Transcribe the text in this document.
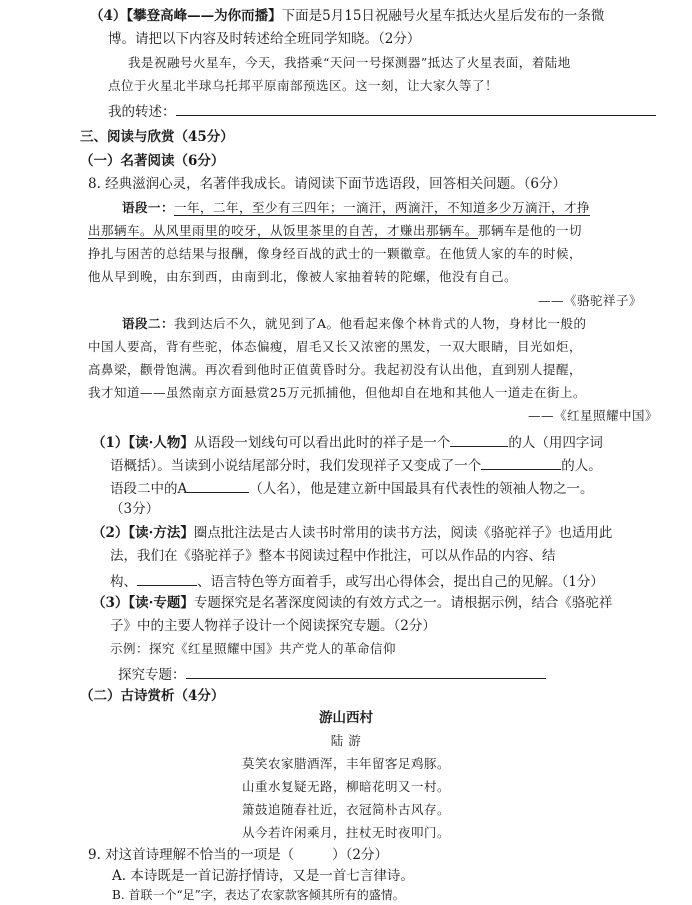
（4）【攀登高峰——为你而播】下面是5月15日祝融号火星车抵达火星后发布的一条微
博。请把以下内容及时转述给全班同学知晓。（2分）
我是祝融号火星车，今天，我搭乘“天问一号探测器”抵达了火星表面，着陆地
点位于火星北半球乌托邦平原南部预选区。这一刻，让大家久等了！
我的转述：
三、阅读与欣赏（45分）
（一）名著阅读（6分）
8. 经典滋润心灵，名著伴我成长。请阅读下面节选语段，回答相关问题。（6分）
语段一：一年，二年，至少有三四年；一滴汗，两滴汗，不知道多少万滴汗，才挣
出那辆车。从风里雨里的咬牙，从饭里茶里的自苦，才赚出那辆车。那辆车是他的一切
挣扎与困苦的总结果与报酬，像身经百战的武士的一颗徽章。在他赁人家的车的时候，
他从早到晚，由东到西，由南到北，像被人家抽着转的陀螺，他没有自己。
——《骆驼祥子》
语段二：我到达后不久，就见到了A。他看起来像个林肯式的人物，身材比一般的
中国人要高，背有些驼，体态偏瘦，眉毛又长又浓密的黑发，一双大眼睛，目光如炬，
高鼻梁，颧骨饱满。再次看到他时正值黄昏时分。我起初没有认出他，直到别人提醒，
我才知道——虽然南京方面悬赏25万元抓捕他，但他却自在地和其他人一道走在街上。
——《红星照耀中国》
（1）【读·人物】从语段一划线句可以看出此时的祥子是一个	的人（用四字词
语概括）。当读到小说结尾部分时，我们发现祥子又变成了一个	的人。
语段二中的A	（人名），他是建立新中国最具有代表性的领袖人物之一。
（3分）
（2）【读·方法】圈点批注法是古人读书时常用的读书方法，阅读《骆驼祥子》也适用此
法，我们在《骆驼祥子》整本书阅读过程中作批注，可以从作品的内容、结
构、	、语言特色等方面着手，或写出心得体会，提出自己的见解。（1分）
（3）【读·专题】专题探究是名著深度阅读的有效方式之一。请根据示例，结合《骆驼祥
子》中的主要人物祥子设计一个阅读探究专题。（2分）
示例：探究《红星照耀中国》共产党人的革命信仰
探究专题：
（二）古诗赏析（4分）
游山西村
陆 游
莫笑农家腊酒浑，丰年留客足鸡豚。
山重水复疑无路，柳暗花明又一村。
箫鼓追随春社近，衣冠简朴古风存。
从今若许闲乘月，拄杖无时夜叩门。
9. 对这首诗理解不恰当的一项是（	）（2分）
A. 本诗既是一首记游抒情诗，又是一首七言律诗。
B. 首联一个“足”字，表达了农家款客倾其所有的盛情。
